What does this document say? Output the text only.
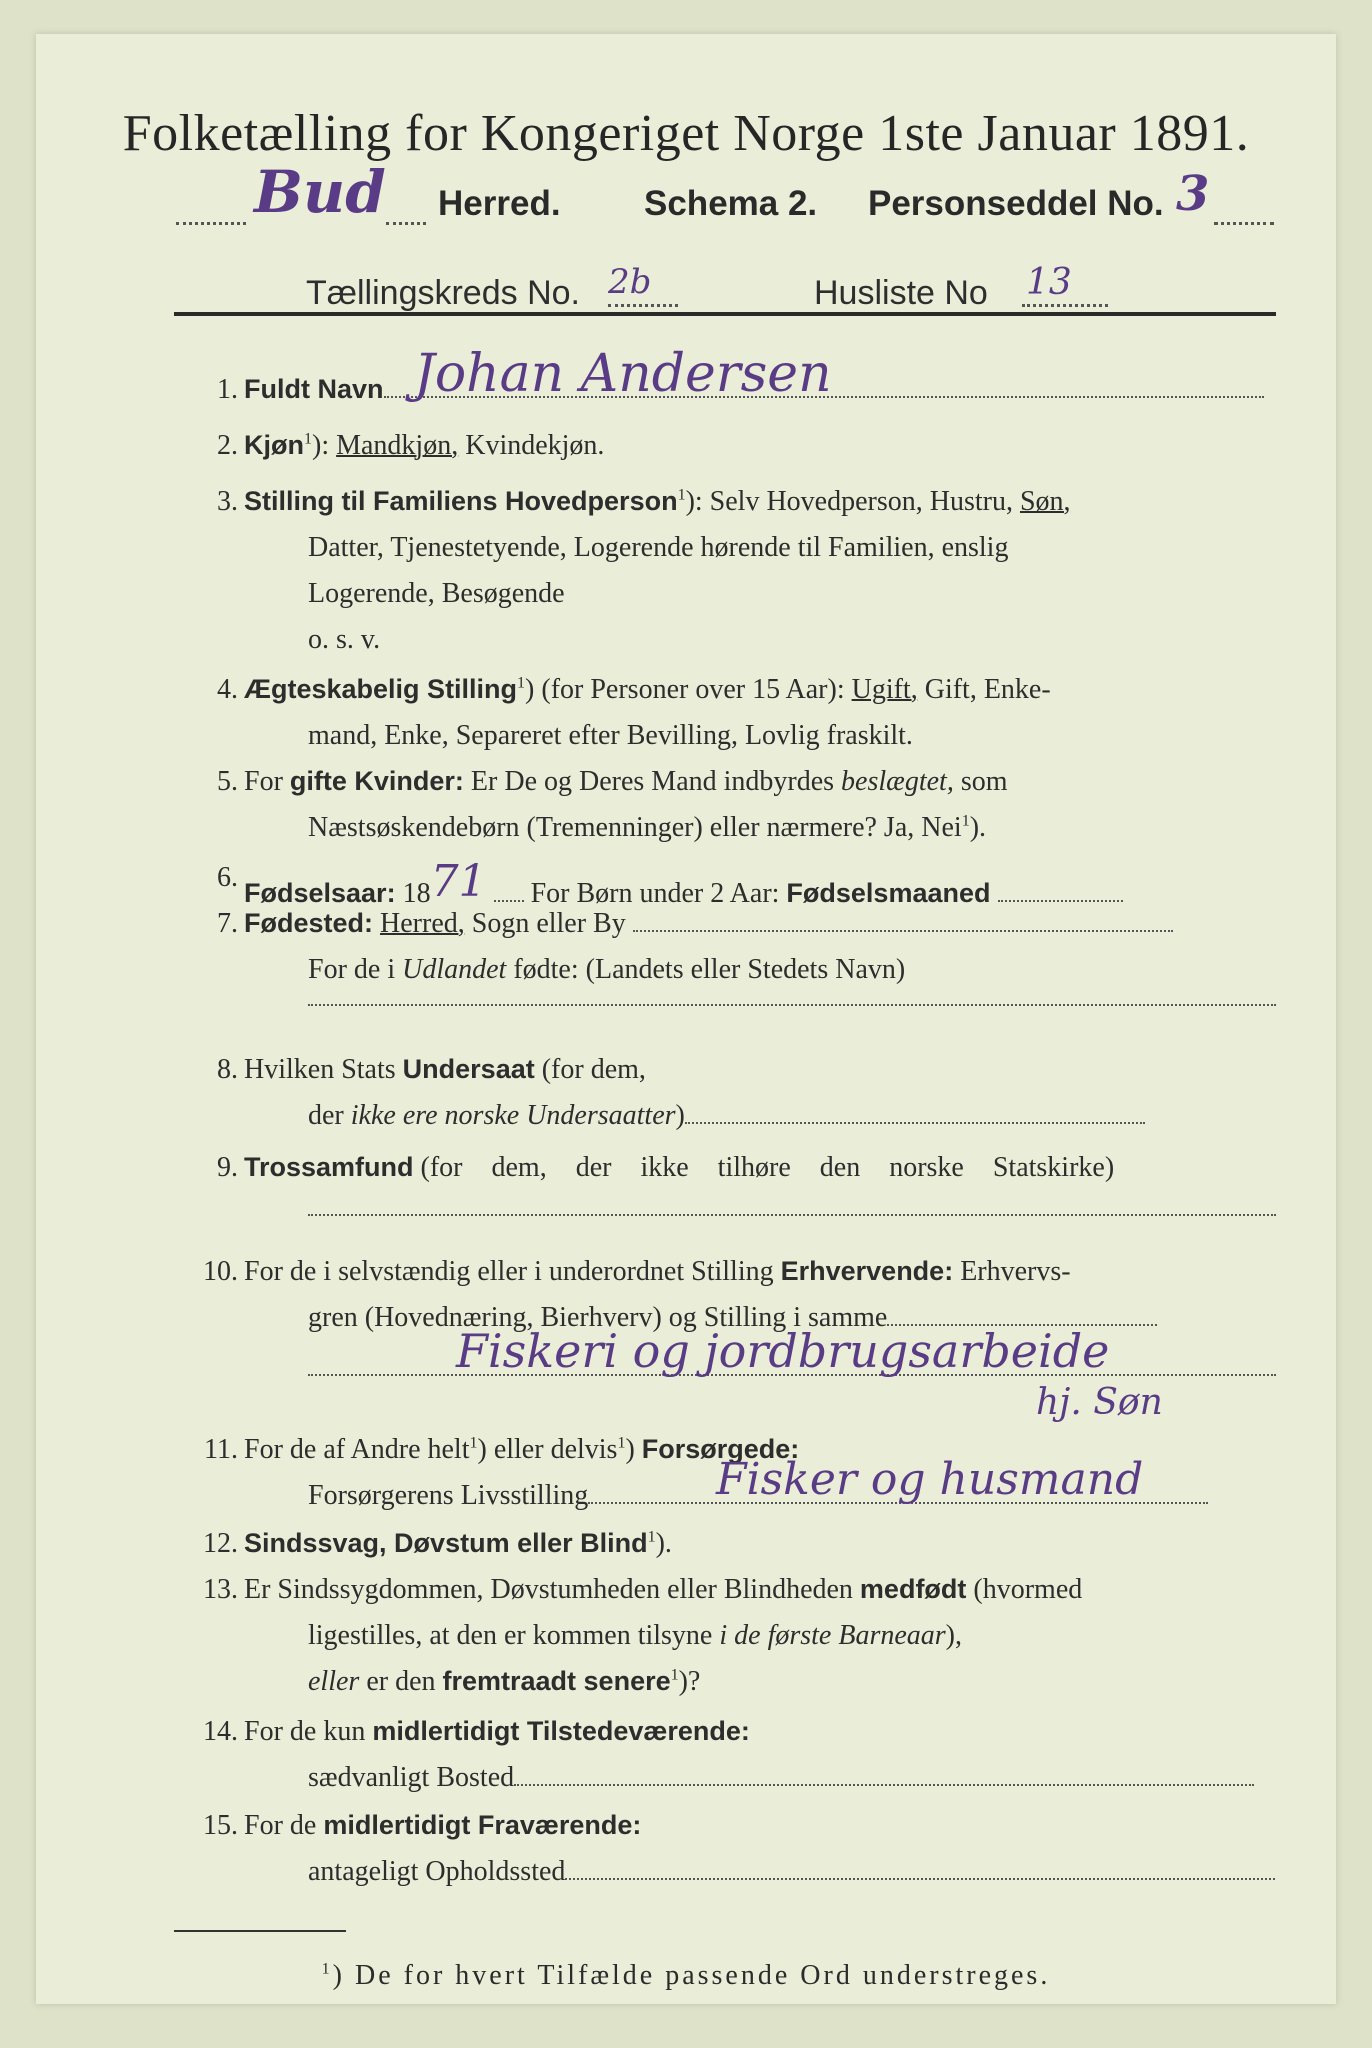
Folketælling for Kongeriget Norge 1ste Januar 1891.
Bud Herred. Schema 2. Personseddel No. 3
Tællingskreds No. 2b	Husliste No 13
1. Fuldt Navn Johan Andersen
2. Kjøn$^1$): Mandkjøn, Kvindekjøn.
3. Stilling til Familiens Hovedperson$^1$): Selv Hovedperson, Hustru, Søn,
Datter, Tjenestetyende, Logerende hørende til Familien, enslig
Logerende, Besøgende
o. s. v.
4. Ægteskabelig Stilling$^1$) (for Personer over 15 Aar): Ugift, Gift, Enke-
mand, Enke, Separeret efter Bevilling, Lovlig fraskilt.
5. For gifte Kvinder: Er De og Deres Mand indbyrdes beslægtet, som
Næstsøskendebørn (Tremenninger) eller nærmere? Ja, Nei$^1$).
6. Fødselsaar: 1871 For Børn under 2 Aar: Fødselsmaaned
7. Fødested: Herred, Sogn eller By
For de i Udlandet fødte: (Landets eller Stedets Navn)
8. Hvilken Stats Undersaat (for dem,
der ikke ere norske Undersaatter)
9. Trossamfund (for dem, der ikke tilhøre den norske Statskirke)
10. For de i selvstændig eller i underordnet Stilling Erhvervende: Erhvervs-
gren (Hovednæring, Bierhverv) og Stilling i samme
Fiskeri og jordbrugsarbeide
hj. Søn
11. For de af Andre helt$^1$) eller delvis$^1$) Forsørgede:
Forsørgerens Livsstilling	Fisker og husmand
12. Sindssvag, Døvstum eller Blind$^1$).
13. Er Sindssygdommen, Døvstumheden eller Blindheden medfødt (hvormed
ligestilles, at den er kommen tilsyne i de første Barneaar),
eller er den fremtraadt senere$^1$)?
14. For de kun midlertidigt Tilstedeværende:
sædvanligt Bosted
15. For de midlertidigt Fraværende:
antageligt Opholdssted
$^1$) De for hvert Tilfælde passende Ord understreges.
